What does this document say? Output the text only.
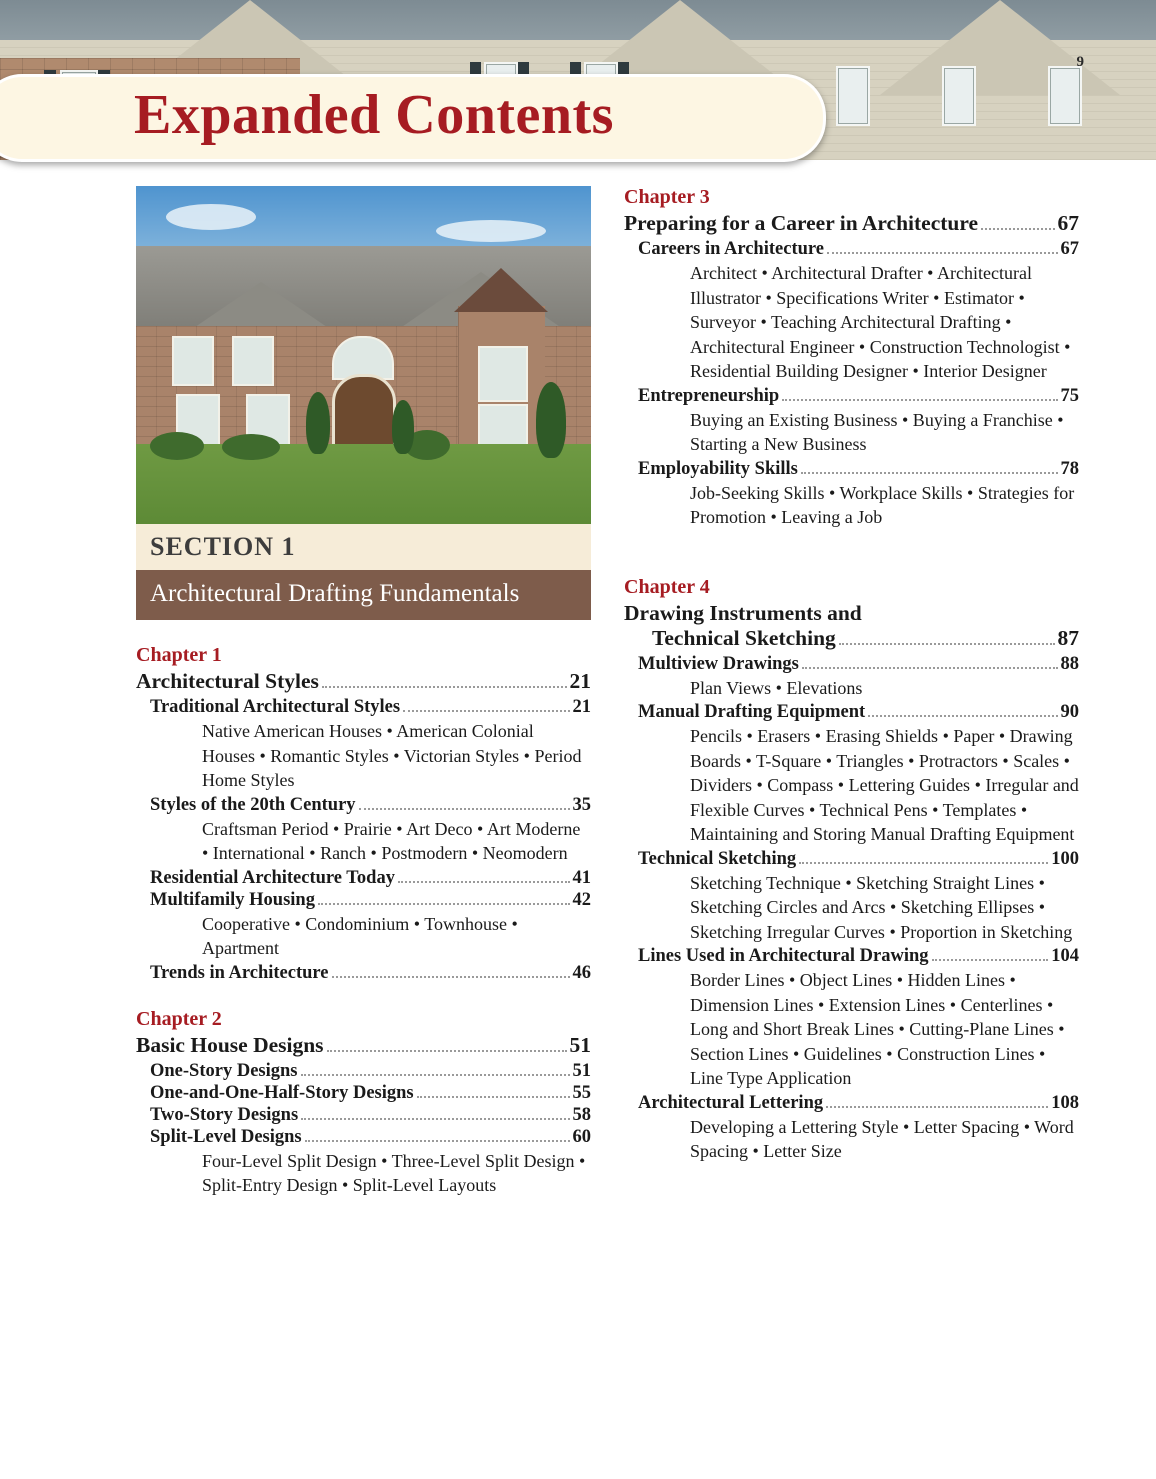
9
Expanded Contents
SECTION 1
Architectural Drafting Fundamentals
Chapter 1
Architectural Styles	21
Traditional Architectural Styles	21
Native American Houses • American Colonial Houses • Romantic Styles • Victorian Styles • Period Home Styles
Styles of the 20th Century	35
Craftsman Period • Prairie • Art Deco • Art Moderne • International • Ranch • Postmodern • Neomodern
Residential Architecture Today	41
Multifamily Housing	42
Cooperative • Condominium • Townhouse • Apartment
Trends in Architecture	46
Chapter 2
Basic House Designs	51
One-Story Designs	51
One-and-One-Half-Story Designs	55
Two-Story Designs	58
Split-Level Designs	60
Four-Level Split Design • Three-Level Split Design • Split-Entry Design • Split-Level Layouts
Chapter 3
Preparing for a Career in Architecture	67
Careers in Architecture	67
Architect • Architectural Drafter • Architectural Illustrator • Specifications Writer • Estimator • Surveyor • Teaching Architectural Drafting • Architectural Engineer • Construction Technologist • Residential Building Designer • Interior Designer
Entrepreneurship	75
Buying an Existing Business • Buying a Franchise • Starting a New Business
Employability Skills	78
Job-Seeking Skills • Workplace Skills • Strategies for Promotion • Leaving a Job
Chapter 4
Drawing Instruments and
Technical Sketching	87
Multiview Drawings	88
Plan Views • Elevations
Manual Drafting Equipment	90
Pencils • Erasers • Erasing Shields • Paper • Drawing Boards • T-Square • Triangles • Protractors • Scales • Dividers • Compass • Lettering Guides • Irregular and Flexible Curves • Technical Pens • Templates • Maintaining and Storing Manual Drafting Equipment
Technical Sketching	100
Sketching Technique • Sketching Straight Lines • Sketching Circles and Arcs • Sketching Ellipses • Sketching Irregular Curves • Proportion in Sketching
Lines Used in Architectural Drawing	104
Border Lines • Object Lines • Hidden Lines • Dimension Lines • Extension Lines • Centerlines • Long and Short Break Lines • Cutting-Plane Lines • Section Lines • Guidelines • Construction Lines • Line Type Application
Architectural Lettering	108
Developing a Lettering Style • Letter Spacing • Word Spacing • Letter Size
